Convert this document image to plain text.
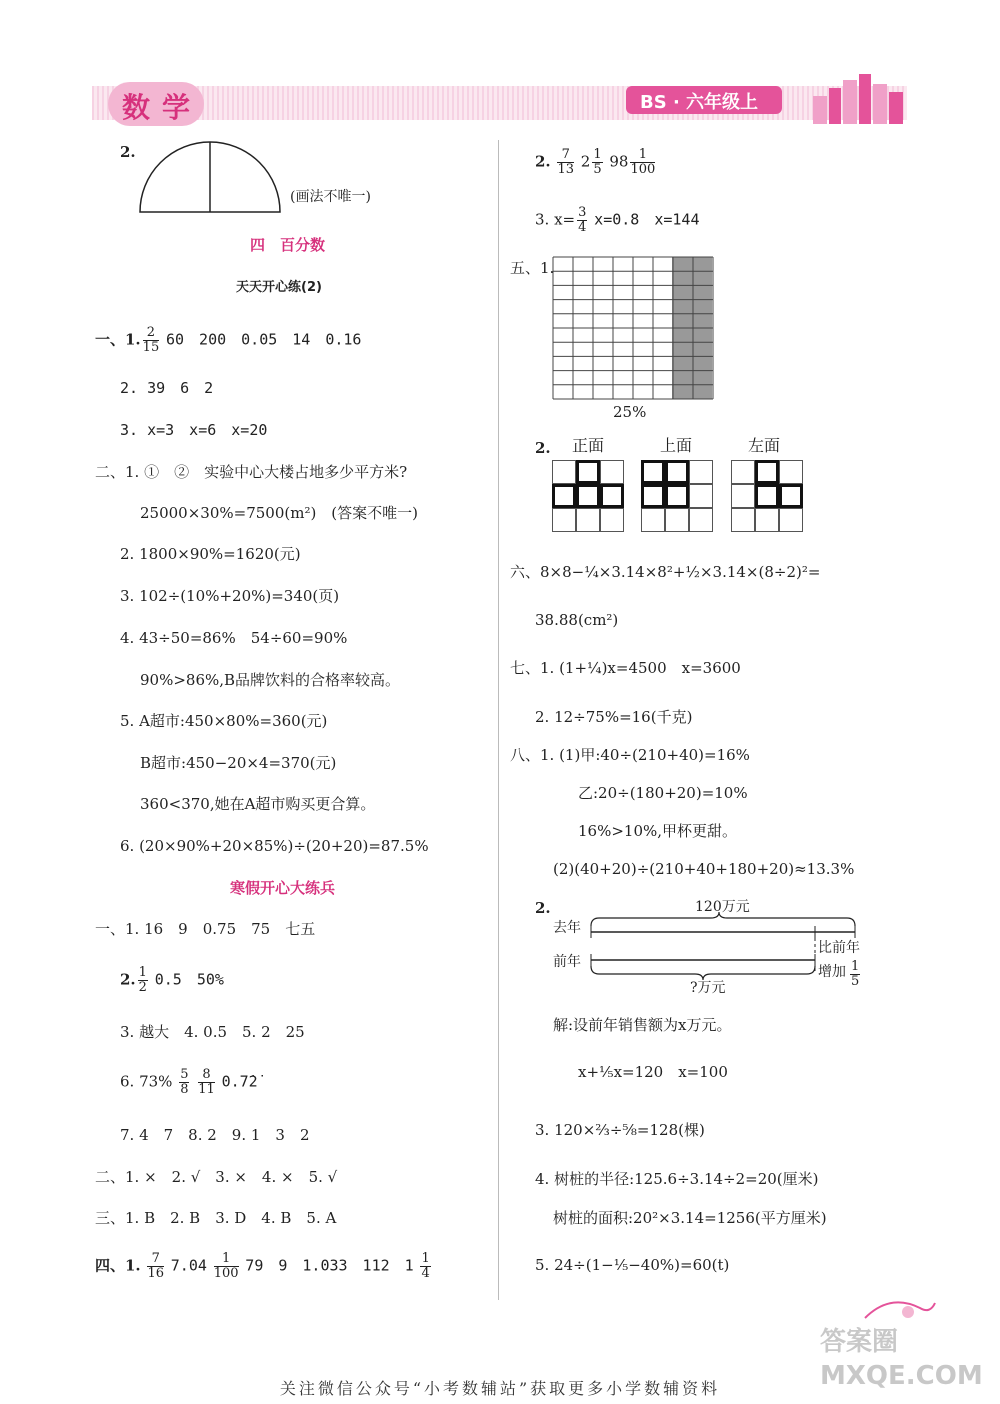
数学	BS · 六年级上
2.
(画法不唯一)
四　百分数
天天开心练(2)
一、1. $\frac{2}{15} 60$　200　0.05　14　0.16
2. 39　6　2
3. x=3　x=6　x=20
二、1. ①　②　实验中心大楼占地多少平方米?
25000×30%=7500(m²)　(答案不唯一)
2. 1800×90%=1620(元)
3. 102÷(10%+20%)=340(页)
4. 43÷50=86%　54÷60=90%
90%>86%,B品牌饮料的合格率较高。
5. A超市:450×80%=360(元)
B超市:450−20×4=370(元)
360<370,她在A超市购买更合算。
6. (20×90%+20×85%)÷(20+20)=87.5%
寒假开心大练兵
一、1. 16　9　0.75　75　七五
2. $\frac{1}{2} 0.5$　50%
3. 越大　4. 0.5　5. 2　25
6. $73\% \frac{5}{8}$
$\frac{8}{11}$ 0.7̇2̇
7. 4　7　8. 2　9. 1　3　2
二、1. ×　2. √　3. ×　4. ×　5. √
三、1. B　2. B　3. D　4. B　5. A
四、1. $\frac{7}{16} 7.04 \frac{1}{100} 79$　9　1.033　112　$1 \frac{1}{4}$
2. $\frac{7}{13} 2 \frac{1}{5} 98 \frac{1}{100}$
3. $x= \frac{3}{4} x=0.8$　x=144
五、1.
25%
2. 正面	上面	左面
六、8×8−¼×3.14×8²+½×3.14×(8÷2)²=
38.88(cm²)
七、1. (1+¼)x=4500　x=3600
2. 12÷75%=16(千克)
八、1. (1)甲:40÷(210+40)=16%
乙:20÷(180+20)=10%
16%>10%,甲杯更甜。
(2)(40+20)÷(210+40+180+20)≈13.3%
2.	120万元
去年
前年
?万元
比前年
增加 $\frac{1}{5}$
解:设前年销售额为x万元。
x+⅕x=120　x=100
3. 120×⅔÷⅝=128(棵)
4. 树桩的半径:125.6÷3.14÷2=20(厘米)
树桩的面积:20²×3.14=1256(平方厘米)
5. 24÷(1−⅕−40%)=60(t)
答案圈 MXQE.COM
关注微信公众号“小考数辅站”获取更多小学数辅资料
